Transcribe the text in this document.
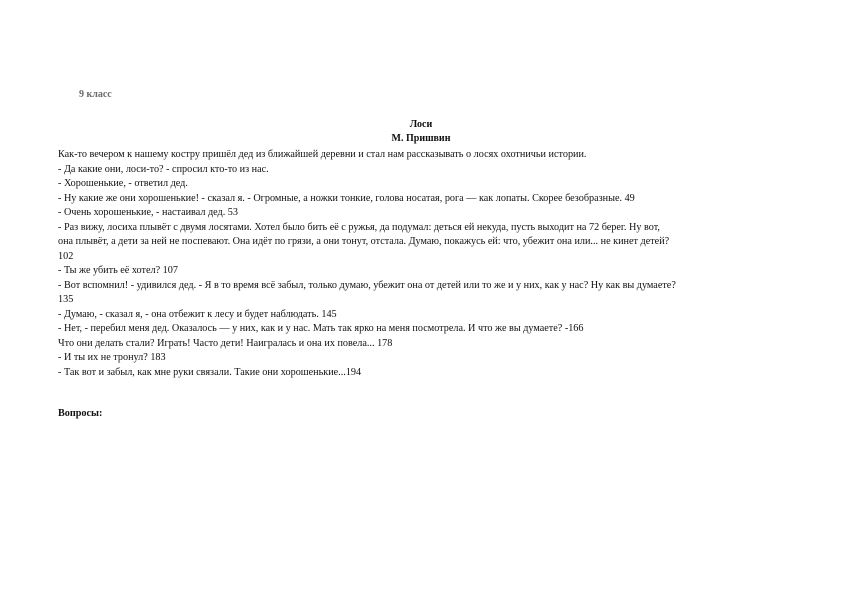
9 класс
Лоси
М. Пришвин
Как-то вечером к нашему костру пришёл дед из ближайшей деревни и стал нам рассказывать о лосях охотничьи истории.
- Да какие они, лоси-то? - спросил кто-то из нас.
- Хорошенькие, - ответил дед.
- Ну какие же они хорошенькие! - сказал я. - Огромные, а ножки тонкие, голова носатая, рога — как лопаты. Скорее безобразные. 49
- Очень хорошенькие, - настаивал дед. 53
- Раз вижу, лосиха плывёт с двумя лосятами. Хотел было бить её с ружья, да подумал: деться ей некуда, пусть выходит на 72 берег. Ну вот,
она плывёт, а дети за ней не поспевают. Она идёт по грязи, а они тонут, отстала. Думаю, покажусь ей: что, убежит она или... не кинет детей?
102
- Ты же убить её хотел? 107
- Вот вспомнил! - удивился дед. - Я в то время всё забыл, только думаю, убежит она от детей или то же и у них, как у нас? Ну как вы думаете?
135
- Думаю, - сказал я, - она отбежит к лесу и будет наблюдать. 145
- Нет, - перебил меня дед. Оказалось — у них, как и у нас. Мать так ярко на меня посмотрела. И что же вы думаете? -166
Что они делать стали? Играть! Часто дети! Наигралась и она их повела... 178
- И ты их не тронул? 183
- Так вот и забыл, как мне руки связали. Такие они хорошенькие...194
Вопросы:
